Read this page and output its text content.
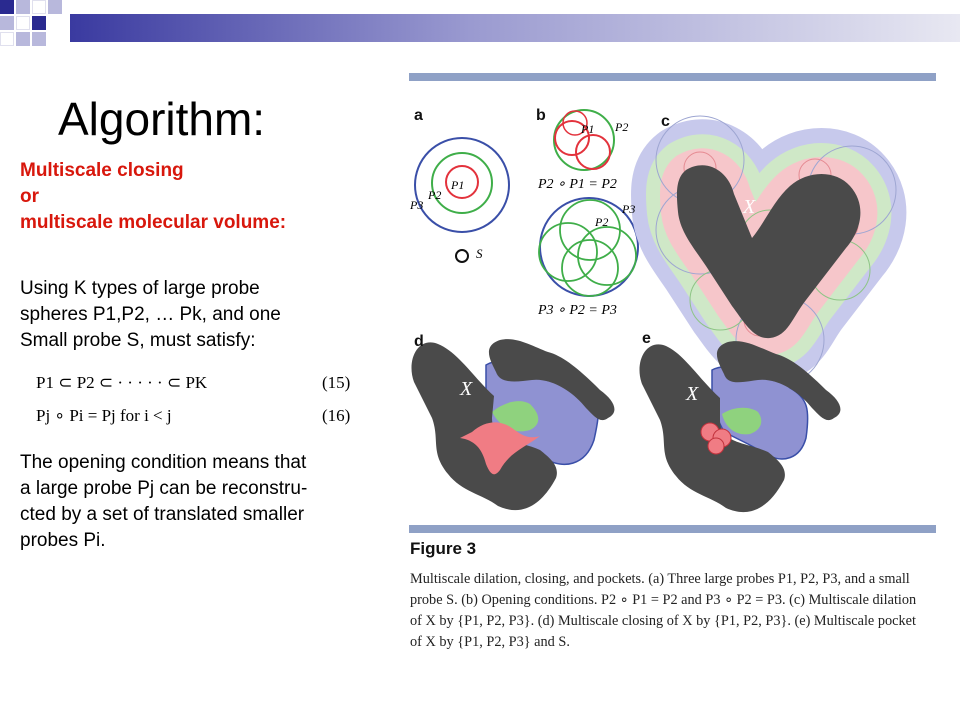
Algorithm:
Multiscale closing
or
multiscale molecular volume:
Using K types of large probe
spheres P1,P2, … Pk, and one
Small probe S, must satisfy:
P1 ⊂ P2 ⊂ · · · · · ⊂ PK	(15)
Pj ∘ Pi = Pj for i < j	(16)
The opening condition means that
a large probe Pj can be reconstru-
cted by a set of translated smaller
probes Pi.
a	b	c
d	e
P1
P2
P3
S
P1 P2
P2 ∘ P1 = P2
P2
P3
P3 ∘ P2 = P3
X
X	X
Figure 3
Multiscale dilation, closing, and pockets. (a) Three large probes P1, P2, P3, and a small probe S. (b) Opening conditions. P2 ∘ P1 = P2 and P3 ∘ P2 = P3. (c) Multiscale dilation of X by {P1, P2, P3}. (d) Multiscale closing of X by {P1, P2, P3}. (e) Multiscale pocket of X by {P1, P2, P3} and S.
